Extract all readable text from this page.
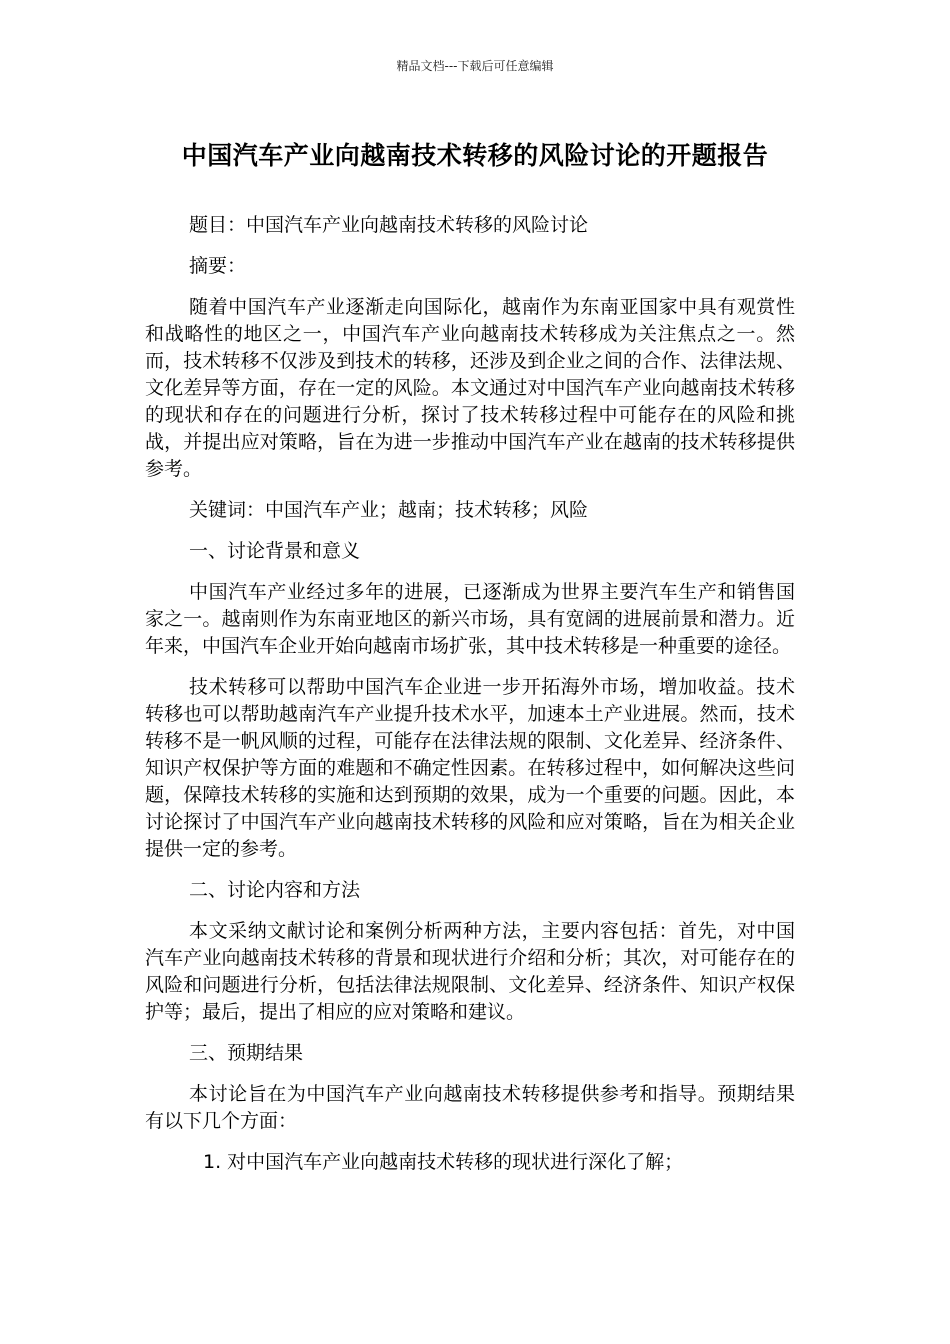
精品文档---下载后可任意编辑
中国汽车产业向越南技术转移的风险讨论的开题报告

题目：中国汽车产业向越南技术转移的风险讨论

摘要：

随着中国汽车产业逐渐走向国际化，越南作为东南亚国家中具有观赏性和战略性的地区之一，中国汽车产业向越南技术转移成为关注焦点之一。然而，技术转移不仅涉及到技术的转移，还涉及到企业之间的合作、法律法规、文化差异等方面，存在一定的风险。本文通过对中国汽车产业向越南技术转移的现状和存在的问题进行分析，探讨了技术转移过程中可能存在的风险和挑战，并提出应对策略，旨在为进一步推动中国汽车产业在越南的技术转移提供参考。

关键词：中国汽车产业；越南；技术转移；风险

一、讨论背景和意义

中国汽车产业经过多年的进展，已逐渐成为世界主要汽车生产和销售国家之一。越南则作为东南亚地区的新兴市场，具有宽阔的进展前景和潜力。近年来，中国汽车企业开始向越南市场扩张，其中技术转移是一种重要的途径。

技术转移可以帮助中国汽车企业进一步开拓海外市场，增加收益。技术转移也可以帮助越南汽车产业提升技术水平，加速本土产业进展。然而，技术转移不是一帆风顺的过程，可能存在法律法规的限制、文化差异、经济条件、知识产权保护等方面的难题和不确定性因素。在转移过程中，如何解决这些问题，保障技术转移的实施和达到预期的效果，成为一个重要的问题。因此，本讨论探讨了中国汽车产业向越南技术转移的风险和应对策略，旨在为相关企业提供一定的参考。

二、讨论内容和方法

本文采纳文献讨论和案例分析两种方法，主要内容包括：首先，对中国汽车产业向越南技术转移的背景和现状进行介绍和分析；其次，对可能存在的风险和问题进行分析，包括法律法规限制、文化差异、经济条件、知识产权保护等；最后，提出了相应的应对策略和建议。

三、预期结果

本讨论旨在为中国汽车产业向越南技术转移提供参考和指导。预期结果有以下几个方面：

1. 对中国汽车产业向越南技术转移的现状进行深化了解；
